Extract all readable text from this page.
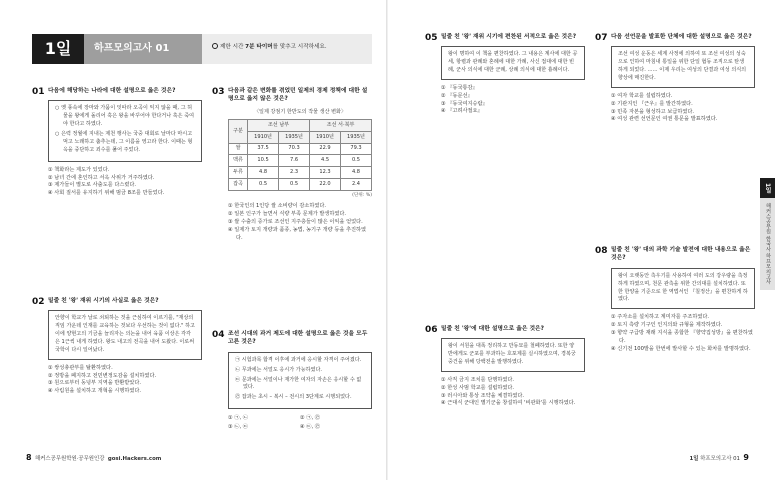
1일	하프모의고사 01	제한 시간 7분 타이머를 맞추고 시작하세요.
01 다음에 해당하는 나라에 대한 설명으로 옳은 것은?
○ 옛 풍속에 장마와 가뭄이 잇따라 오곡이 익지 않을 때, 그 허물을 왕에게 돌리어 혹은 왕을 바꾸어야 한다거나 혹은 죽여야 한다고 하였다.
○ 은력 정월에 지내는 제천 행사는 국중 대회로 날마다 마시고 먹고 노래하고 춤추는데, 그 이름을 영고라 한다. 이때는 형옥을 중단하고 죄수를 풀어 주었다.
① 책화라는 제도가 있었다.
② 남녀 간에 혼인하고 서옥 사위가 거주하였다.
③ 제가들이 별도로 사출도를 다스렸다.
④ 사회 질서를 유지하기 위해 범금 8조를 만들었다.
02 밑줄 친 '왕' 재위 시기의 사실로 옳은 것은?
안향이 학교가 날로 쇠퇴하는 것을 근심하여 이르기를, "재상의 직임 가운데 인재를 교육하는 것보다 우선하는 것이 없다." 하고 이에 양현고의 기금을 늘리자는 의논을 내어 육품 이상은 각각 은 1근씩 내게 하였다. 왕도 내고의 전곡을 내어 도왔다. 이로써 국학이 다시 일어났다.
① 쌍성총관부를 탈환하였다.
② 정방을 폐지하고 전민변정도감을 설치하였다.
③ 원으로부터 동녕부 지역을 반환받았다.
④ 사림원을 설치하고 개혁을 시행하였다.
03 다음과 같은 변화를 겪었던 일제의 경제 정책에 대한 설명으로 옳지 않은 것은?
〈일제 강점기 한반도의 작물 생산 변화〉
구분	조선 남부		조선 서·북부	
	1910년	1935년	1910년	1935년
쌀	37.5	70.3	22.9	79.3
맥류	10.5	7.6	4.5	0.5
두류	4.8	2.3	12.3	4.8
잡곡	0.5	0.5	22.0	2.4
(단위: %)
① 한국인의 1인당 쌀 소비량이 감소하였다.
② 일본 인구가 늘면서 식량 부족 문제가 발생하였다.
③ 쌀 수출의 증가로 조선인 지주층들이 많은 이익을 얻었다.
④ 일제가 토지 개량과 품종, 농법, 농기구 개량 등을 추진하였다.
04 조선 시대의 과거 제도에 대한 설명으로 옳은 것을 모두 고른 것은?
㉠ 시험과목 합격 이후에 과거에 응시할 자격이 주어졌다.
㉡ 무과에는 서얼도 응시가 가능하였다.
㉢ 문과에는 서얼이나 재가한 여자의 자손은 응시할 수 없었다.
㉣ 잡과는 초시 – 복시 – 전시의 3단계로 시행되었다.
① ㉠, ㉡	② ㉠, ㉣
③ ㉡, ㉢	④ ㉢, ㉣
8 해커스공무원학원·공무원인강 gosi.Hackers.com
05 밑줄 친 '왕' 재위 시기에 편찬된 서적으로 옳은 것은?
왕이 명하여 이 책을 편찬하였다. 그 내용은 계사에 대한 공세, 항렬과 관례와 혼례에 대한 가례, 사신 접대에 대한 빈례, 군사 의식에 대한 군례, 상례 의식에 대한 흉례이다.
① 『동국통감』
② 『동문선』
③ 『동국여지승람』
④ 『고려사절요』
06 밑줄 친 '왕'에 대한 설명으로 옳은 것은?
왕이 서원을 대폭 정리하고 만동묘를 철폐하였다. 또한 양반에게도 군포를 부과하는 호포제를 실시하였으며, 경복궁 중건을 위해 당백전을 발행하였다.
① 사직 금지 조치를 단행하였다.
② 한성 사범 학교를 설립하였다.
③ 러시아와 통상 조약을 체결하였다.
④ 근대식 군대인 별기군을 창설하여 '비관화'를 시행하였다.
07 다음 선언문을 발표한 단체에 대한 설명으로 옳은 것은?
조선 여성 운동은 세계 사정에 의하여 또 조선 여성의 성숙으로 인하여 마침내 통일을 위한 단일 협동 조직으로 탄생하게 되었다. …… 이제 우리는 여성의 단결과 여성 의식의 향상에 매진한다.
① 여자 학교를 설립하였다.
② 기관지인 『근우』를 발간하였다.
③ 민족 자본을 형성하고 보급하였다.
④ 여성 관련 선언문인 여권 통문을 발표하였다.
08 밑줄 친 '왕' 대의 과학 기술 발전에 대한 내용으로 옳은 것은?
왕이 오랫동안 측우기를 사용하여 여러 도의 강우량을 측정하게 하였으며, 천문 관측을 위한 간의대를 설치하였다. 또한 한양을 기준으로 한 역법서인 『칠정산』을 편찬하게 하였다.
① 주자소를 설치하고 계미자를 주조하였다.
② 토지 측량 기구인 인지의와 규형을 제작하였다.
③ 향약 구급방 재래 지식을 종합한 『향약집성방』을 편찬하였다.
④ 신기전 100발을 한번에 발사할 수 있는 화차를 발명하였다.
1일 하프모의고사 01 9
1일
해커스공무원 한국사 하프모의고사
